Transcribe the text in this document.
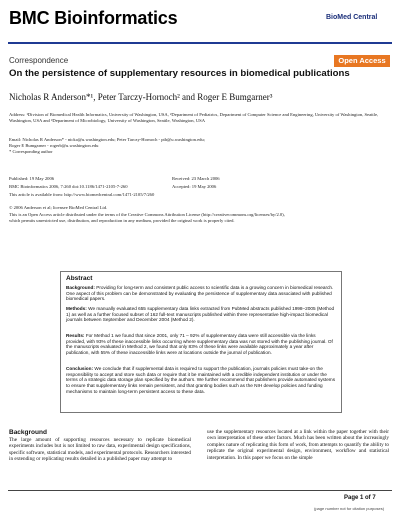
BMC Bioinformatics	BioMed Central
Correspondence	Open Access
On the persistence of supplementary resources in biomedical publications
Nicholas R Anderson*¹, Peter Tarczy-Hornoch² and Roger E Bumgarner³
Address: ¹Division of Biomedical Health Informatics, University of Washington, USA, ²Department of Pediatrics, Department of Computer Science and Engineering, University of Washington, Seattle, Washington, USA and ³Department of Microbiology, University of Washington, Seattle, Washington, USA
Email: Nicholas R Anderson* - nicka@u.washington.edu; Peter Tarczy-Hornoch - pth@u.washington.edu;
Roger E Bumgarner - rogerb@u.washington.edu
* Corresponding author
Published: 19 May 2006	Received: 23 March 2006
BMC Bioinformatics 2006, 7:260 doi:10.1186/1471-2105-7-260	Accepted: 19 May 2006
This article is available from: http://www.biomedcentral.com/1471-2105/7/260
© 2006 Anderson et al; licensee BioMed Central Ltd.
This is an Open Access article distributed under the terms of the Creative Commons Attribution License (http://creativecommons.org/licenses/by/2.0),
which permits unrestricted use, distribution, and reproduction in any medium, provided the original work is properly cited.
Abstract
Background: Providing for long-term and consistent public access to scientific data is a growing concern in biomedical research. One aspect of this problem can be demonstrated by evaluating the persistence of supplementary data associated with published biomedical papers.
Methods: We manually evaluated 655 supplementary data links extracted from PubMed abstracts published 1998–2005 (Method 1) as well as a further focused subset of 162 full-text manuscripts published within three representative high-impact biomedical journals between September and December 2004 (Method 2).
Results: For Method 1 we found that since 2001, only 71 – 92% of supplementary data were still accessible via the links provided, with 93% of these inaccessible links occurring where supplementary data was not stored with the publishing journal. Of the manuscripts evaluated in Method 2, we found that only 83% of these links were available approximately a year after publication, with 55% of these inaccessible links were at locations outside the journal of publication.
Conclusion: We conclude that if supplemental data is required to support the publication, journals policies must take-on the responsibility to accept and store such data or require that it be maintained with a credible independent institution or under the terms of a strategic data storage plan specified by the authors. We further recommend that publishers provide automated systems to ensure that supplementary links remain persistent, and that granting bodies such as the NIH develop policies and funding mechanisms to maintain long-term persistent access to these data.
Background
The large amount of supporting resources necessary to replicate biomedical experiments includes but is not limited to raw data, experimental design specifications, specific software, statistical models, and experimental protocols. Researchers interested in extending or replicating results detailed in a published paper may attempt to
use the supplementary resources located at a link within the paper together with their own interpretation of these other factors. Much has been written about the increasingly complex nature of replicating this form of work, from attempts to quantify the ability to replicate the original experimental design, environment, workflow and statistical interpretation. In this paper we focus on the simple
Page 1 of 7
(page number not for citation purposes)
